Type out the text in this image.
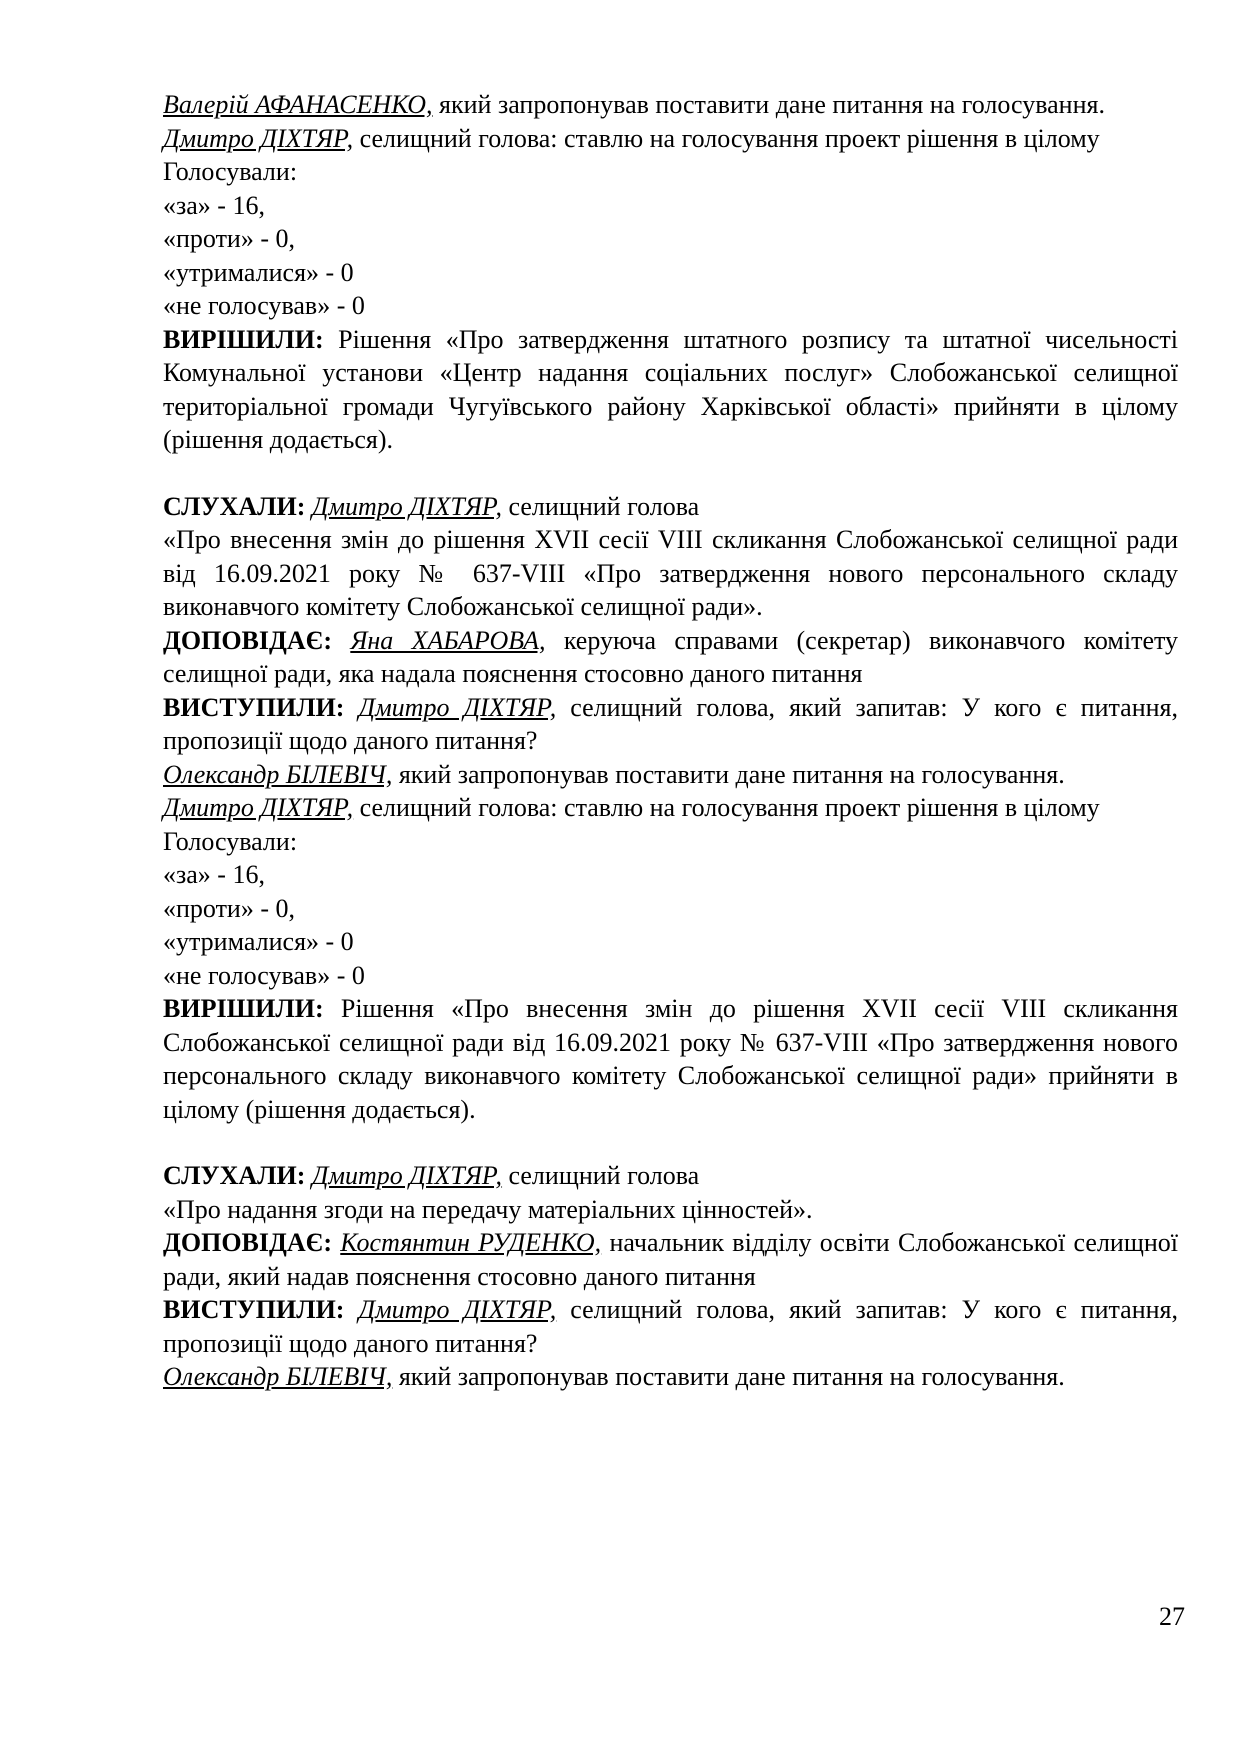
Валерій АФАНАСЕНКО, який запропонував поставити дане питання на голосування.

Дмитро ДІХТЯР, селищний голова: ставлю на голосування проект рішення в цілому

Голосували:

«за» - 16,

«проти» - 0,

«утрималися» - 0

«не голосував» - 0

ВИРІШИЛИ: Рішення «Про затвердження штатного розпису та штатної чисельності Комунальної установи «Центр надання соціальних послуг» Слобожанської селищної територіальної громади Чугуївського району Харківської області» прийняти в цілому (рішення додається).

СЛУХАЛИ: Дмитро ДІХТЯР, селищний голова

«Про внесення змін до рішення XVII сесії VIII скликання Слобожанської селищної ради від 16.09.2021 року № 637-VIII «Про затвердження нового персонального складу виконавчого комітету Слобожанської селищної ради».

ДОПОВІДАЄ: Яна ХАБАРОВА, керуюча справами (секретар) виконавчого комітету селищної ради, яка надала пояснення стосовно даного питання

ВИСТУПИЛИ: Дмитро ДІХТЯР, селищний голова, який запитав: У кого є питання, пропозиції щодо даного питання?

Олександр БІЛЕВІЧ, який запропонував поставити дане питання на голосування.

Дмитро ДІХТЯР, селищний голова: ставлю на голосування проект рішення в цілому

Голосували:

«за» - 16,

«проти» - 0,

«утрималися» - 0

«не голосував» - 0

ВИРІШИЛИ: Рішення «Про внесення змін до рішення XVII сесії VIII скликання Слобожанської селищної ради від 16.09.2021 року № 637-VIII «Про затвердження нового персонального складу виконавчого комітету Слобожанської селищної ради» прийняти в цілому (рішення додається).

СЛУХАЛИ: Дмитро ДІХТЯР, селищний голова

«Про надання згоди на передачу матеріальних цінностей».

ДОПОВІДАЄ: Костянтин РУДЕНКО, начальник відділу освіти Слобожанської селищної ради, який надав пояснення стосовно даного питання

ВИСТУПИЛИ: Дмитро ДІХТЯР, селищний голова, який запитав: У кого є питання, пропозиції щодо даного питання?

Олександр БІЛЕВІЧ, який запропонував поставити дане питання на голосування.

27
